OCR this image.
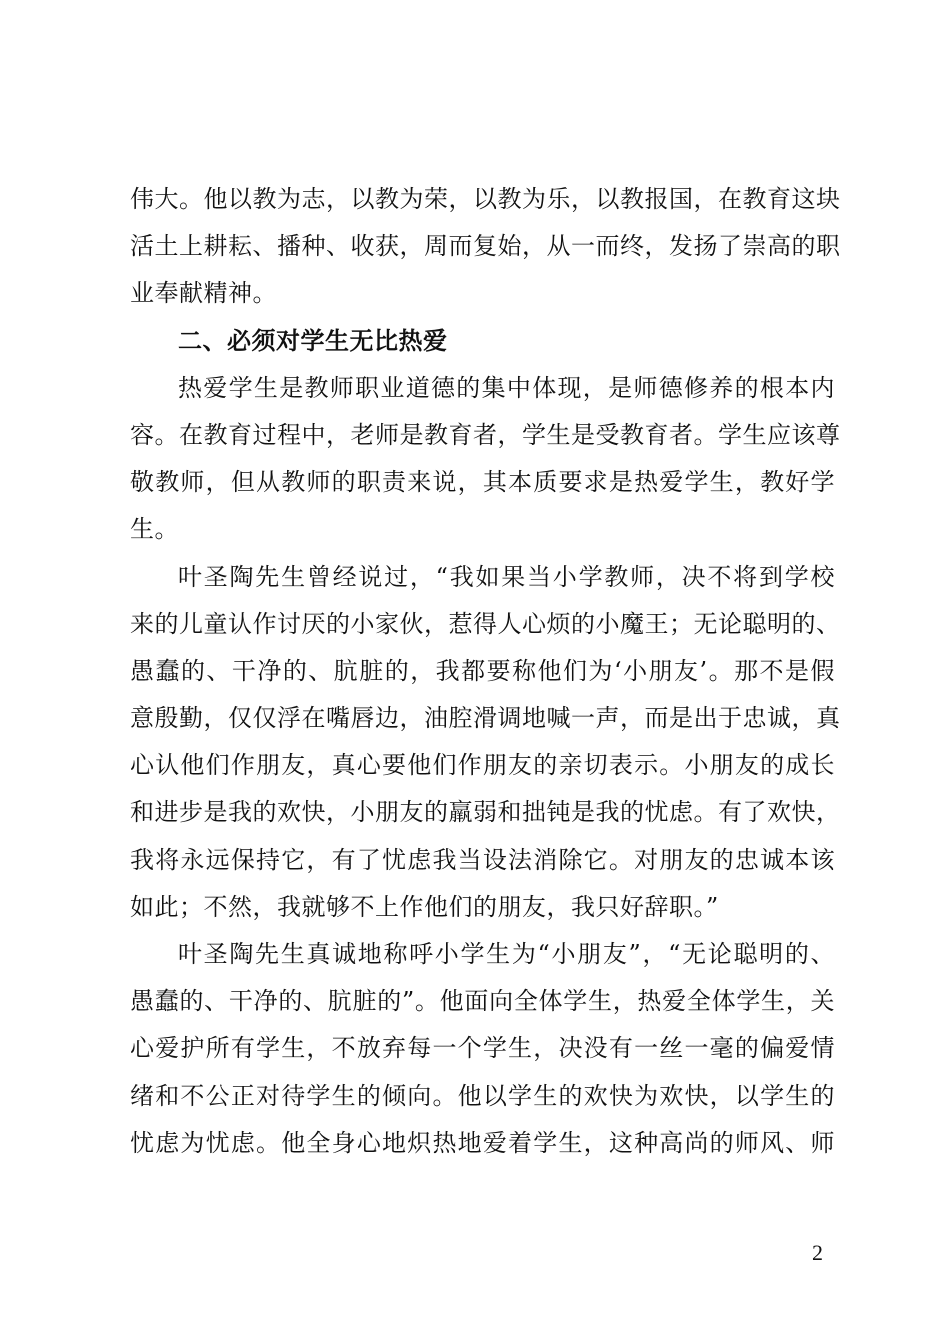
伟大。他以教为志，以教为荣，以教为乐，以教报国，在教育这块
活土上耕耘、播种、收获，周而复始，从一而终，发扬了崇高的职
业奉献精神。
二、必须对学生无比热爱
热爱学生是教师职业道德的集中体现，是师德修养的根本内
容。在教育过程中，老师是教育者，学生是受教育者。学生应该尊
敬教师，但从教师的职责来说，其本质要求是热爱学生，教好学
生。
叶圣陶先生曾经说过，“我如果当小学教师，决不将到学校
来的儿童认作讨厌的小家伙，惹得人心烦的小魔王；无论聪明的、
愚蠢的、干净的、肮脏的，我都要称他们为‘小朋友’。那不是假
意殷勤，仅仅浮在嘴唇边，油腔滑调地喊一声，而是出于忠诚，真
心认他们作朋友，真心要他们作朋友的亲切表示。小朋友的成长
和进步是我的欢快，小朋友的羸弱和拙钝是我的忧虑。有了欢快，
我将永远保持它，有了忧虑我当设法消除它。对朋友的忠诚本该
如此；不然，我就够不上作他们的朋友，我只好辞职。”
叶圣陶先生真诚地称呼小学生为“小朋友”，“无论聪明的、
愚蠢的、干净的、肮脏的”。他面向全体学生，热爱全体学生，关
心爱护所有学生，不放弃每一个学生，决没有一丝一毫的偏爱情
绪和不公正对待学生的倾向。他以学生的欢快为欢快，以学生的
忧虑为忧虑。他全身心地炽热地爱着学生，这种高尚的师风、师
2
